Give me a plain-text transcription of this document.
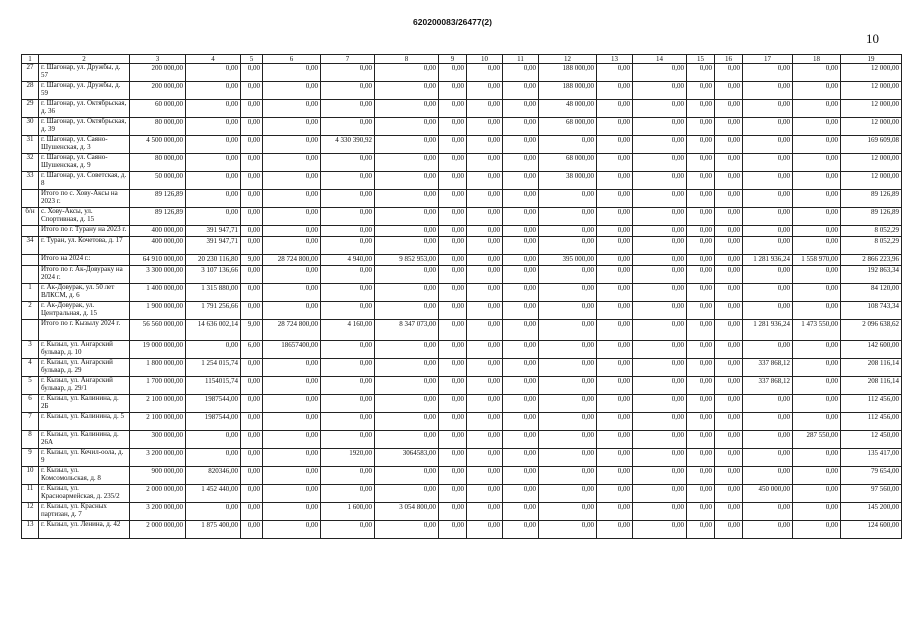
620200083/26477(2)
10
1	2	3	4	5	6	7	8	9	10	11	12	13	14	15	16	17	18	19
27	г. Шагонар, ул. Дружбы, д. 57	200 000,00	0,00	0,00	0,00	0,00	0,00	0,00	0,00	0,00	188 000,00	0,00	0,00	0,00	0,00	0,00	0,00	12 000,00
28	г. Шагонар, ул. Дружбы, д. 59	200 000,00	0,00	0,00	0,00	0,00	0,00	0,00	0,00	0,00	188 000,00	0,00	0,00	0,00	0,00	0,00	0,00	12 000,00
29	г. Шагонар, ул. Октябрьская, д. 36	60 000,00	0,00	0,00	0,00	0,00	0,00	0,00	0,00	0,00	48 000,00	0,00	0,00	0,00	0,00	0,00	0,00	12 000,00
30	г. Шагонар, ул. Октябрьская, д. 39	80 000,00	0,00	0,00	0,00	0,00	0,00	0,00	0,00	0,00	68 000,00	0,00	0,00	0,00	0,00	0,00	0,00	12 000,00
31	г. Шагонар, ул. Саяно-Шушенская, д. 3	4 500 000,00	0,00	0,00	0,00	4 330 390,92	0,00	0,00	0,00	0,00	0,00	0,00	0,00	0,00	0,00	0,00	0,00	169 609,08
32	г. Шагонар, ул. Саяно-Шушенская, д. 9	80 000,00	0,00	0,00	0,00	0,00	0,00	0,00	0,00	0,00	68 000,00	0,00	0,00	0,00	0,00	0,00	0,00	12 000,00
33	г. Шагонар, ул. Советская, д. 8	50 000,00	0,00	0,00	0,00	0,00	0,00	0,00	0,00	0,00	38 000,00	0,00	0,00	0,00	0,00	0,00	0,00	12 000,00
	Итого по с. Хову-Аксы на 2023 г.	89 126,89	0,00	0,00	0,00	0,00	0,00	0,00	0,00	0,00	0,00	0,00	0,00	0,00	0,00	0,00	0,00	89 126,89
б/н	с. Хову-Аксы, ул. Спортивная, д. 15	89 126,89	0,00	0,00	0,00	0,00	0,00	0,00	0,00	0,00	0,00	0,00	0,00	0,00	0,00	0,00	0,00	89 126,89
	Итого по г. Турану на 2023 г.	400 000,00	391 947,71	0,00	0,00	0,00	0,00	0,00	0,00	0,00	0,00	0,00	0,00	0,00	0,00	0,00	0,00	8 052,29
34	г. Туран, ул. Кочетова, д. 17	400 000,00	391 947,71	0,00	0,00	0,00	0,00	0,00	0,00	0,00	0,00	0,00	0,00	0,00	0,00	0,00	0,00	8 052,29
	Итого на 2024 г.:	64 910 000,00	20 230 116,80	9,00	28 724 800,00	4 940,00	9 852 953,00	0,00	0,00	0,00	395 000,00	0,00	0,00	0,00	0,00	1 281 936,24	1 558 970,00	2 866 223,96
	Итого по г. Ак-Довураку на 2024 г.	3 300 000,00	3 107 136,66	0,00	0,00	0,00	0,00	0,00	0,00	0,00	0,00	0,00	0,00	0,00	0,00	0,00	0,00	192 863,34
1	г. Ак-Довурак, ул. 50 лет ВЛКСМ, д. 6	1 400 000,00	1 315 880,00	0,00	0,00	0,00	0,00	0,00	0,00	0,00	0,00	0,00	0,00	0,00	0,00	0,00	0,00	84 120,00
2	г. Ак-Довурак, ул. Центральная, д. 15	1 900 000,00	1 791 256,66	0,00	0,00	0,00	0,00	0,00	0,00	0,00	0,00	0,00	0,00	0,00	0,00	0,00	0,00	108 743,34
	Итого по г. Кызылу 2024 г.	56 560 000,00	14 636 002,14	9,00	28 724 800,00	4 160,00	8 347 073,00	0,00	0,00	0,00	0,00	0,00	0,00	0,00	0,00	1 281 936,24	1 473 550,00	2 096 638,62
3	г. Кызыл, ул. Ангарский бульвар, д. 10	19 000 000,00	0,00	6,00	18657400,00	0,00	0,00	0,00	0,00	0,00	0,00	0,00	0,00	0,00	0,00	0,00	0,00	142 600,00
4	г. Кызыл, ул. Ангарский бульвар, д. 29	1 800 000,00	1 254 015,74	0,00	0,00	0,00	0,00	0,00	0,00	0,00	0,00	0,00	0,00	0,00	0,00	337 868,12	0,00	208 116,14
5	г. Кызыл, ул. Ангарский бульвар, д. 29/1	1 700 000,00	1154015,74	0,00	0,00	0,00	0,00	0,00	0,00	0,00	0,00	0,00	0,00	0,00	0,00	337 868,12	0,00	208 116,14
6	г. Кызыл, ул. Калинина, д. 2Б	2 100 000,00	1987544,00	0,00	0,00	0,00	0,00	0,00	0,00	0,00	0,00	0,00	0,00	0,00	0,00	0,00	0,00	112 456,00
7	г. Кызыл, ул. Калинина, д. 5	2 100 000,00	1987544,00	0,00	0,00	0,00	0,00	0,00	0,00	0,00	0,00	0,00	0,00	0,00	0,00	0,00	0,00	112 456,00
8	г. Кызыл, ул. Калинина, д. 26А	300 000,00	0,00	0,00	0,00	0,00	0,00	0,00	0,00	0,00	0,00	0,00	0,00	0,00	0,00	0,00	287 550,00	12 450,00
9	г. Кызыл, ул. Кечил-оола, д. 9	3 200 000,00	0,00	0,00	0,00	1920,00	3064583,00	0,00	0,00	0,00	0,00	0,00	0,00	0,00	0,00	0,00	0,00	135 417,00
10	г. Кызыл, ул. Комсомольская, д. 8	900 000,00	820346,00	0,00	0,00	0,00	0,00	0,00	0,00	0,00	0,00	0,00	0,00	0,00	0,00	0,00	0,00	79 654,00
11	г. Кызыл, ул. Красноармейская, д. 235/2	2 000 000,00	1 452 440,00	0,00	0,00	0,00	0,00	0,00	0,00	0,00	0,00	0,00	0,00	0,00	0,00	450 000,00	0,00	97 560,00
12	г. Кызыл, ул. Красных партизан, д. 7	3 200 000,00	0,00	0,00	0,00	1 600,00	3 054 800,00	0,00	0,00	0,00	0,00	0,00	0,00	0,00	0,00	0,00	0,00	145 200,00
13	г. Кызыл, ул. Ленина, д. 42	2 000 000,00	1 875 400,00	0,00	0,00	0,00	0,00	0,00	0,00	0,00	0,00	0,00	0,00	0,00	0,00	0,00	0,00	124 600,00
